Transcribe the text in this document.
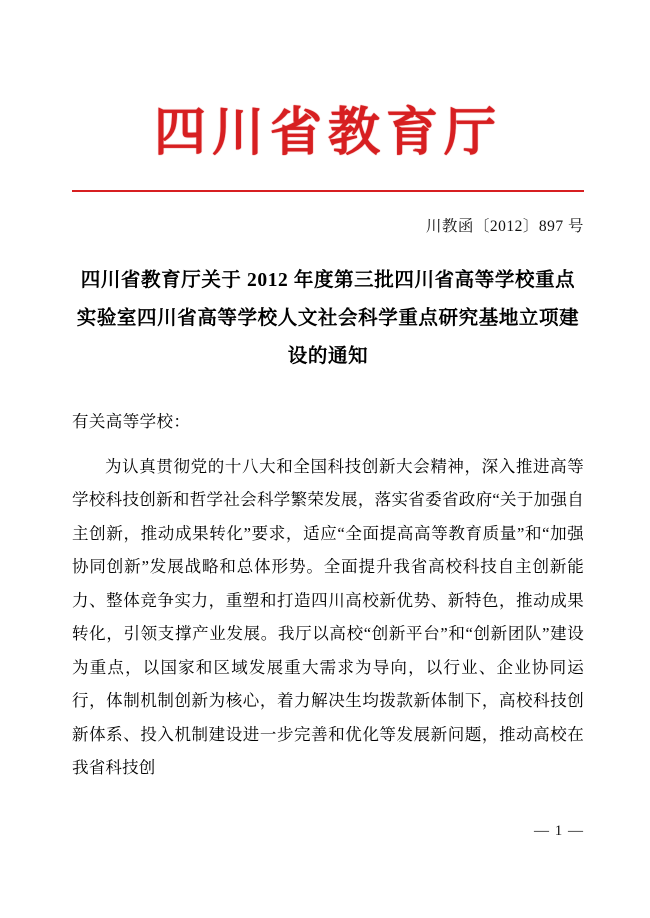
四川省教育厅
川教函〔2012〕897 号
四川省教育厅关于 2012 年度第三批四川省高等学校重点实验室四川省高等学校人文社会科学重点研究基地立项建设的通知
有关高等学校：
为认真贯彻党的十八大和全国科技创新大会精神，深入推进高等学校科技创新和哲学社会科学繁荣发展，落实省委省政府“关于加强自主创新，推动成果转化”要求，适应“全面提高高等教育质量”和“加强协同创新”发展战略和总体形势。全面提升我省高校科技自主创新能力、整体竞争实力，重塑和打造四川高校新优势、新特色，推动成果转化，引领支撑产业发展。我厅以高校“创新平台”和“创新团队”建设为重点，以国家和区域发展重大需求为导向，以行业、企业协同运行，体制机制创新为核心，着力解决生均拨款新体制下，高校科技创新体系、投入机制建设进一步完善和优化等发展新问题，推动高校在我省科技创
— 1 —
